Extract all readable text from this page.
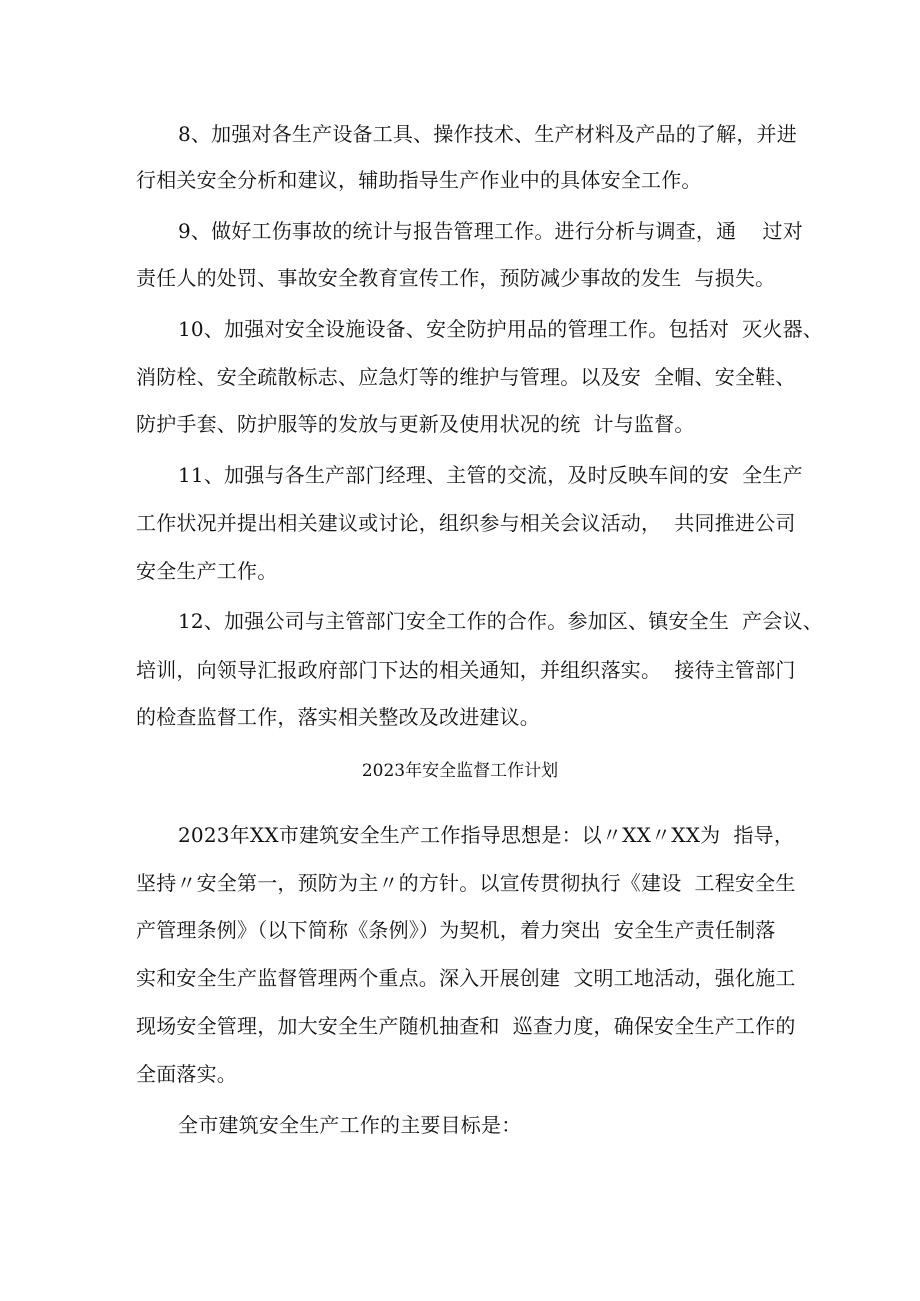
8、加强对各生产设备工具、操作技术、生产材料及产品的了解，并进
行相关安全分析和建议，辅助指导生产作业中的具体安全工作。
9、做好工伤事故的统计与报告管理工作。进行分析与调查，通    过对
责任人的处罚、事故安全教育宣传工作，预防减少事故的发生  与损失。
10、加强对安全设施设备、安全防护用品的管理工作。包括对  灭火器、
消防栓、安全疏散标志、应急灯等的维护与管理。以及安  全帽、安全鞋、
防护手套、防护服等的发放与更新及使用状况的统  计与监督。
11、加强与各生产部门经理、主管的交流，及时反映车间的安  全生产
工作状况并提出相关建议或讨论，组织参与相关会议活动，  共同推进公司
安全生产工作。
12、加强公司与主管部门安全工作的合作。参加区、镇安全生  产会议、
培训，向领导汇报政府部门下达的相关通知，并组织落实。  接待主管部门
的检查监督工作，落实相关整改及改进建议。
2023年安全监督工作计划
2023年XX市建筑安全生产工作指导思想是：以〃XX〃XX为  指导，
坚持〃安全第一，预防为主〃的方针。以宣传贯彻执行《建设  工程安全生
产管理条例》（以下简称《条例》）为契机，着力突出  安全生产责任制落
实和安全生产监督管理两个重点。深入开展创建  文明工地活动，强化施工
现场安全管理，加大安全生产随机抽查和  巡查力度，确保安全生产工作的
全面落实。
全市建筑安全生产工作的主要目标是：
